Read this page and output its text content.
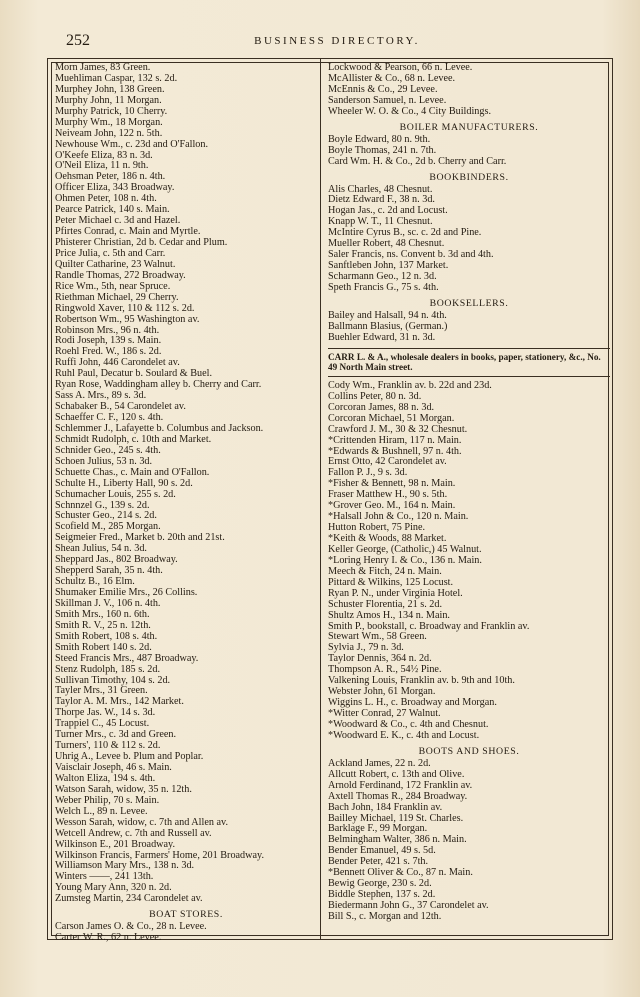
252	BUSINESS DIRECTORY.
Morn James, 83 Green.
Muehliman Caspar, 132 s. 2d.
Murphey John, 138 Green.
Murphy John, 11 Morgan.
Murphy Patrick, 10 Cherry.
Murphy Wm., 18 Morgan.
Neiveam John, 122 n. 5th.
Newhouse Wm., c. 23d and O'Fallon.
O'Keefe Eliza, 83 n. 3d.
O'Neil Eliza, 11 n. 9th.
Oehsman Peter, 186 n. 4th.
Officer Eliza, 343 Broadway.
Ohmen Peter, 108 n. 4th.
Pearce Patrick, 140 s. Main.
Peter Michael c. 3d and Hazel.
Pfirtes Conrad, c. Main and Myrtle.
Phisterer Christian, 2d b. Cedar and Plum.
Price Julia, c. 5th and Carr.
Quilter Catharine, 23 Walnut.
Randle Thomas, 272 Broadway.
Rice Wm., 5th, near Spruce.
Riethman Michael, 29 Cherry.
Ringwold Xaver, 110 & 112 s. 2d.
Robertson Wm., 95 Washington av.
Robinson Mrs., 96 n. 4th.
Rodi Joseph, 139 s. Main.
Roehl Fred. W., 186 s. 2d.
Ruffi John, 446 Carondelet av.
Ruhl Paul, Decatur b. Soulard & Buel.
Ryan Rose, Waddingham alley b. Cherry and Carr.
Sass A. Mrs., 89 s. 3d.
Schabaker B., 54 Carondelet av.
Schaeffer C. F., 120 s. 4th.
Schlemmer J., Lafayette b. Columbus and Jackson.
Schmidt Rudolph, c. 10th and Market.
Schnider Geo., 245 s. 4th.
Schoen Julius, 53 n. 3d.
Schuette Chas., c. Main and O'Fallon.
Schulte H., Liberty Hall, 90 s. 2d.
Schumacher Louis, 255 s. 2d.
Schnnzel G., 139 s. 2d.
Schuster Geo., 214 s. 2d.
Scofield M., 285 Morgan.
Seigmeier Fred., Market b. 20th and 21st.
Shean Julius, 54 n. 3d.
Sheppard Jas., 802 Broadway.
Shepperd Sarah, 35 n. 4th.
Schultz B., 16 Elm.
Shumaker Emilie Mrs., 26 Collins.
Skillman J. V., 106 n. 4th.
Smith Mrs., 160 n. 6th.
Smith R. V., 25 n. 12th.
Smith Robert, 108 s. 4th.
Smith Robert 140 s. 2d.
Steed Francis Mrs., 487 Broadway.
Stenz Rudolph, 185 s. 2d.
Sullivan Timothy, 104 s. 2d.
Tayler Mrs., 31 Green.
Taylor A. M. Mrs., 142 Market.
Thorpe Jas. W., 14 s. 3d.
Trappiel C., 45 Locust.
Turner Mrs., c. 3d and Green.
Turners', 110 & 112 s. 2d.
Uhrig A., Levee b. Plum and Poplar.
Vaisclair Joseph, 46 s. Main.
Walton Eliza, 194 s. 4th.
Watson Sarah, widow, 35 n. 12th.
Weber Philip, 70 s. Main.
Welch L., 89 n. Levee.
Wesson Sarah, widow, c. 7th and Allen av.
Wetcell Andrew, c. 7th and Russell av.
Wilkinson E., 201 Broadway.
Wilkinson Francis, Farmers' Home, 201 Broadway.
Williamson Mary Mrs., 138 n. 3d.
Winters ——, 241 13th.
Young Mary Ann, 320 n. 2d.
Zumsteg Martin, 234 Carondelet av.
BOAT STORES.
Carson James O. & Co., 28 n. Levee.
Carter W. R., 62 n. Levee.
Lockwood & Pearson, 66 n. Levee.
McAllister & Co., 68 n. Levee.
McEnnis & Co., 29 Levee.
Sanderson Samuel, n. Levee.
Wheeler W. O. & Co., 4 City Buildings.
BOILER MANUFACTURERS.
Boyle Edward, 80 n. 9th.
Boyle Thomas, 241 n. 7th.
Card Wm. H. & Co., 2d b. Cherry and Carr.
BOOKBINDERS.
Alis Charles, 48 Chesnut.
Dietz Edward F., 38 n. 3d.
Hogan Jas., c. 2d and Locust.
Knapp W. T., 11 Chesnut.
McIntire Cyrus B., sc. c. 2d and Pine.
Mueller Robert, 48 Chesnut.
Saler Francis, ns. Convent b. 3d and 4th.
Sanftleben John, 137 Market.
Scharmann Geo., 12 n. 3d.
Speth Francis G., 75 s. 4th.
BOOKSELLERS.
Bailey and Halsall, 94 n. 4th.
Ballmann Blasius, (German.)
Buehler Edward, 31 n. 3d.
CARR L. & A., wholesale dealers in books, paper, stationery, &c., No. 49 North Main street.
Cody Wm., Franklin av. b. 22d and 23d.
Collins Peter, 80 n. 3d.
Corcoran James, 88 n. 3d.
Corcoran Michael, 51 Morgan.
Crawford J. M., 30 & 32 Chesnut.
*Crittenden Hiram, 117 n. Main.
*Edwards & Bushnell, 97 n. 4th.
Ernst Otto, 42 Carondelet av.
Fallon P. J., 9 s. 3d.
*Fisher & Bennett, 98 n. Main.
Fraser Matthew H., 90 s. 5th.
*Grover Geo. M., 164 n. Main.
*Halsall John & Co., 120 n. Main.
Hutton Robert, 75 Pine.
*Keith & Woods, 88 Market.
Keller George, (Catholic,) 45 Walnut.
*Loring Henry I. & Co., 136 n. Main.
Meech & Fitch, 24 n. Main.
Pittard & Wilkins, 125 Locust.
Ryan P. N., under Virginia Hotel.
Schuster Florentia, 21 s. 2d.
Shultz Amos H., 134 n. Main.
Smith P., bookstall, c. Broadway and Franklin av.
Stewart Wm., 58 Green.
Sylvia J., 79 n. 3d.
Taylor Dennis, 364 n. 2d.
Thompson A. R., 54½ Pine.
Valkening Louis, Franklin av. b. 9th and 10th.
Webster John, 61 Morgan.
Wiggins L. H., c. Broadway and Morgan.
*Witter Conrad, 27 Walnut.
*Woodward & Co., c. 4th and Chesnut.
*Woodward E. K., c. 4th and Locust.
BOOTS AND SHOES.
Ackland James, 22 n. 2d.
Allcutt Robert, c. 13th and Olive.
Arnold Ferdinand, 172 Franklin av.
Axtell Thomas R., 284 Broadway.
Bach John, 184 Franklin av.
Bailley Michael, 119 St. Charles.
Barklage F., 99 Morgan.
Belmingham Walter, 386 n. Main.
Bender Emanuel, 49 s. 5d.
Bender Peter, 421 s. 7th.
*Bennett Oliver & Co., 87 n. Main.
Bewig George, 230 s. 2d.
Biddle Stephen, 137 s. 2d.
Biedermann John G., 37 Carondelet av.
Bill S., c. Morgan and 12th.
